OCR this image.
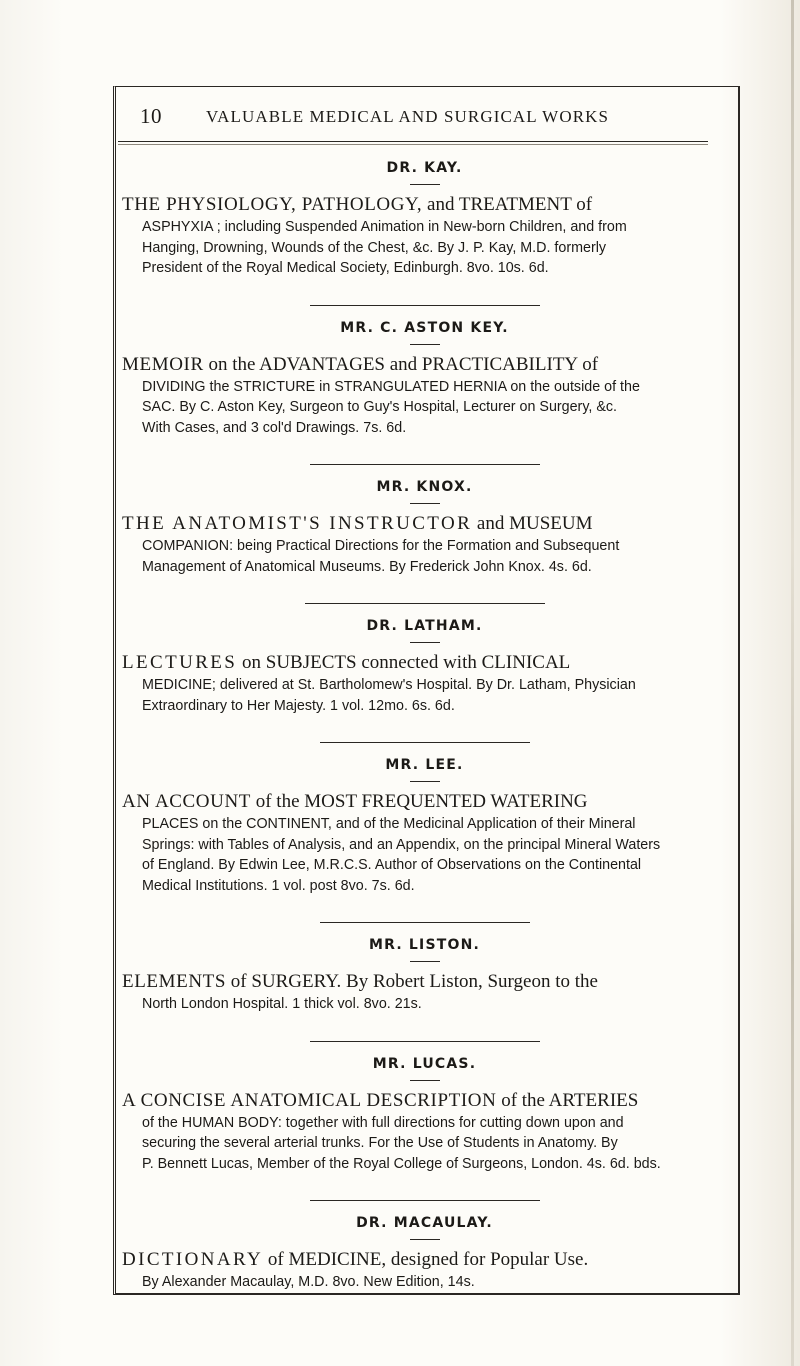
10	VALUABLE MEDICAL AND SURGICAL WORKS
DR. KAY.
THE PHYSIOLOGY, PATHOLOGY, and TREATMENT of

ASPHYXIA ; including Suspended Animation in New-born Children, and from
Hanging, Drowning, Wounds of the Chest, &c. By J. P. Kay, M.D. formerly
President of the Royal Medical Society, Edinburgh. 8vo. 10s. 6d.

MR. C. ASTON KEY.
MEMOIR on the ADVANTAGES and PRACTICABILITY of

DIVIDING the STRICTURE in STRANGULATED HERNIA on the outside of the
SAC. By C. Aston Key, Surgeon to Guy's Hospital, Lecturer on Surgery, &c.
With Cases, and 3 col'd Drawings. 7s. 6d.

MR. KNOX.
THE ANATOMIST'S INSTRUCTOR and MUSEUM

COMPANION: being Practical Directions for the Formation and Subsequent
Management of Anatomical Museums. By Frederick John Knox. 4s. 6d.

DR. LATHAM.
LECTURES on SUBJECTS connected with CLINICAL

MEDICINE; delivered at St. Bartholomew's Hospital. By Dr. Latham, Physician
Extraordinary to Her Majesty. 1 vol. 12mo. 6s. 6d.

MR. LEE.
AN ACCOUNT of the MOST FREQUENTED WATERING

PLACES on the CONTINENT, and of the Medicinal Application of their Mineral
Springs: with Tables of Analysis, and an Appendix, on the principal Mineral Waters
of England. By Edwin Lee, M.R.C.S. Author of Observations on the Continental
Medical Institutions. 1 vol. post 8vo. 7s. 6d.

MR. LISTON.
ELEMENTS of SURGERY. By Robert Liston, Surgeon to the

North London Hospital. 1 thick vol. 8vo. 21s.

MR. LUCAS.
A CONCISE ANATOMICAL DESCRIPTION of the ARTERIES

of the HUMAN BODY: together with full directions for cutting down upon and
securing the several arterial trunks. For the Use of Students in Anatomy. By
P. Bennett Lucas, Member of the Royal College of Surgeons, London. 4s. 6d. bds.

DR. MACAULAY.
DICTIONARY of MEDICINE, designed for Popular Use.

By Alexander Macaulay, M.D. 8vo. New Edition, 14s.
